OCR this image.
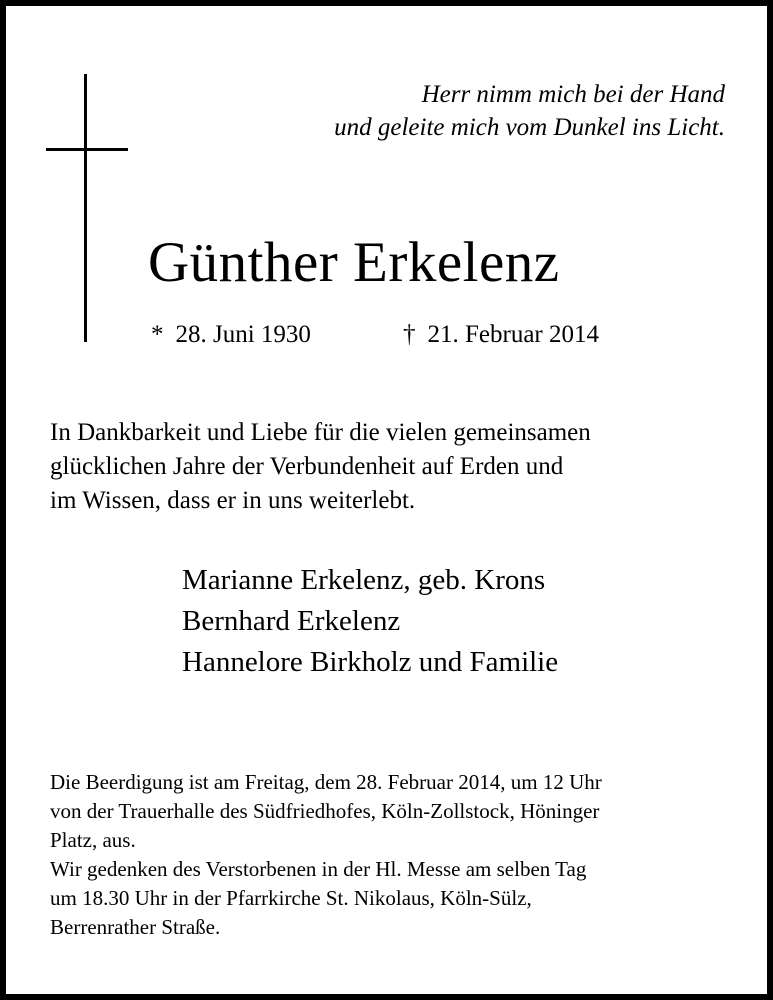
Herr nimm mich bei der Hand
und geleite mich vom Dunkel ins Licht.
Günther Erkelenz
* 28. Juni 1930	† 21. Februar 2014
In Dankbarkeit und Liebe für die vielen gemeinsamen
glücklichen Jahre der Verbundenheit auf Erden und
im Wissen, dass er in uns weiterlebt.
Marianne Erkelenz, geb. Krons
Bernhard Erkelenz
Hannelore Birkholz und Familie
Die Beerdigung ist am Freitag, dem 28. Februar 2014, um 12 Uhr
von der Trauerhalle des Südfriedhofes, Köln-Zollstock, Höninger
Platz, aus.
Wir gedenken des Verstorbenen in der Hl. Messe am selben Tag
um 18.30 Uhr in der Pfarrkirche St. Nikolaus, Köln-Sülz,
Berrenrather Straße.
